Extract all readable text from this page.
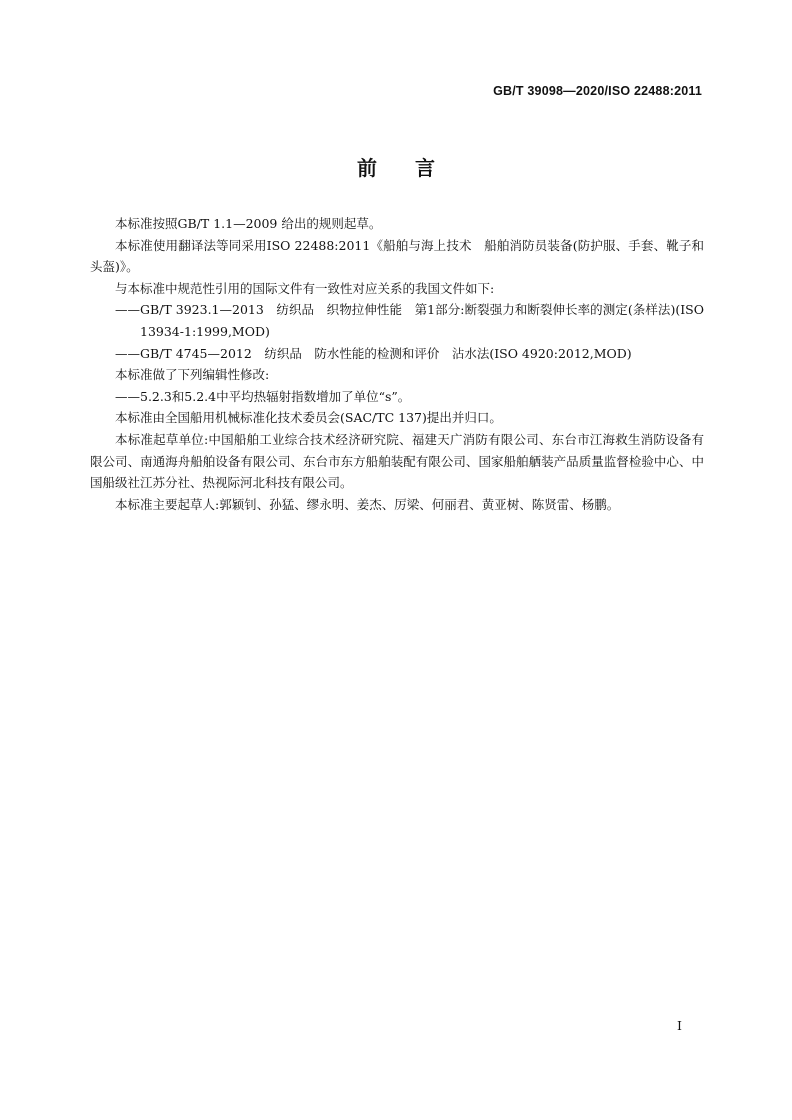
GB/T 39098—2020/ISO 22488:2011
前言

本标准按照GB/T 1.1—2009 给出的规则起草。

本标准使用翻译法等同采用ISO 22488:2011《船舶与海上技术　船舶消防员装备(防护服、手套、靴子和头盔)》。

与本标准中规范性引用的国际文件有一致性对应关系的我国文件如下:

——GB/T 3923.1—2013　纺织品　织物拉伸性能　第1部分:断裂强力和断裂伸长率的测定(条样法)(ISO 13934-1:1999,MOD)

——GB/T 4745—2012　纺织品　防水性能的检测和评价　沾水法(ISO 4920:2012,MOD)

本标准做了下列编辑性修改:

——5.2.3和5.2.4中平均热辐射指数增加了单位“s”。

本标准由全国船用机械标准化技术委员会(SAC/TC 137)提出并归口。

本标准起草单位:中国船舶工业综合技术经济研究院、福建天广消防有限公司、东台市江海救生消防设备有限公司、南通海舟船舶设备有限公司、东台市东方船舶装配有限公司、国家船舶舾装产品质量监督检验中心、中国船级社江苏分社、热视际河北科技有限公司。

本标准主要起草人:郭颖钊、孙猛、缪永明、姜杰、厉梁、何丽君、黄亚树、陈贤雷、杨鹏。

I
